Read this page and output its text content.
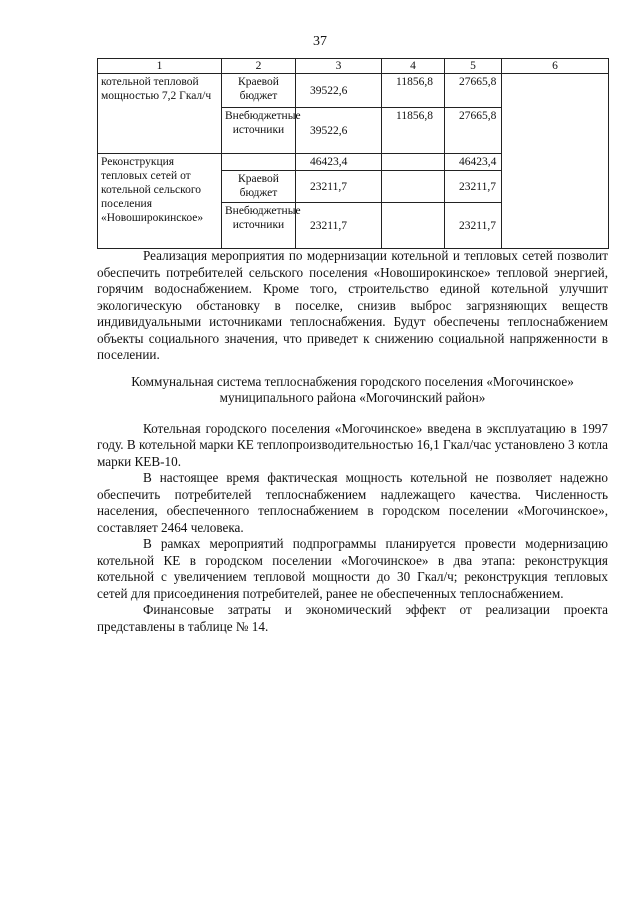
37
1	2	3	4	5	6
котельной тепловой мощностью 7,2 Гкал/ч	Краевой бюджет	39522,6	11856,8	27665,8	
	Внебюджетные источники	39522,6	11856,8	27665,8	
Реконструкция тепловых сетей от котельной сельского поселения «Новоширокинское»		46423,4		46423,4	
	Краевой бюджет	23211,7		23211,7	
	Внебюджетные источники	23211,7		23211,7	

Реализация мероприятия по модернизации котельной и тепловых сетей позволит обеспечить потребителей сельского поселения «Новоширокинское» тепловой энергией, горячим водоснабжением. Кроме того, строительство единой котельной улучшит экологическую обстановку в поселке, снизив выброс загрязняющих веществ индивидуальными источниками теплоснабжения. Будут обеспечены теплоснабжением объекты социального значения, что приведет к снижению социальной напряженности в поселении.

Коммунальная система теплоснабжения городского поселения «Могочинское» муниципального района «Могочинский район»

Котельная городского поселения «Могочинское» введена в эксплуатацию в 1997 году. В котельной марки КЕ теплопроизводительностью 16,1 Гкал/час установлено 3 котла марки КЕВ-10.

В настоящее время фактическая мощность котельной не позволяет надежно обеспечить потребителей теплоснабжением надлежащего качества. Численность населения, обеспеченного теплоснабжением в городском поселении «Могочинское», составляет 2464 человека.

В рамках мероприятий подпрограммы планируется провести модернизацию котельной КЕ в городском поселении «Могочинское» в два этапа: реконструкция котельной с увеличением тепловой мощности до 30 Гкал/ч; реконструкция тепловых сетей для присоединения потребителей, ранее не обеспеченных теплоснабжением.

Финансовые затраты и экономический эффект от реализации проекта представлены в таблице № 14.
